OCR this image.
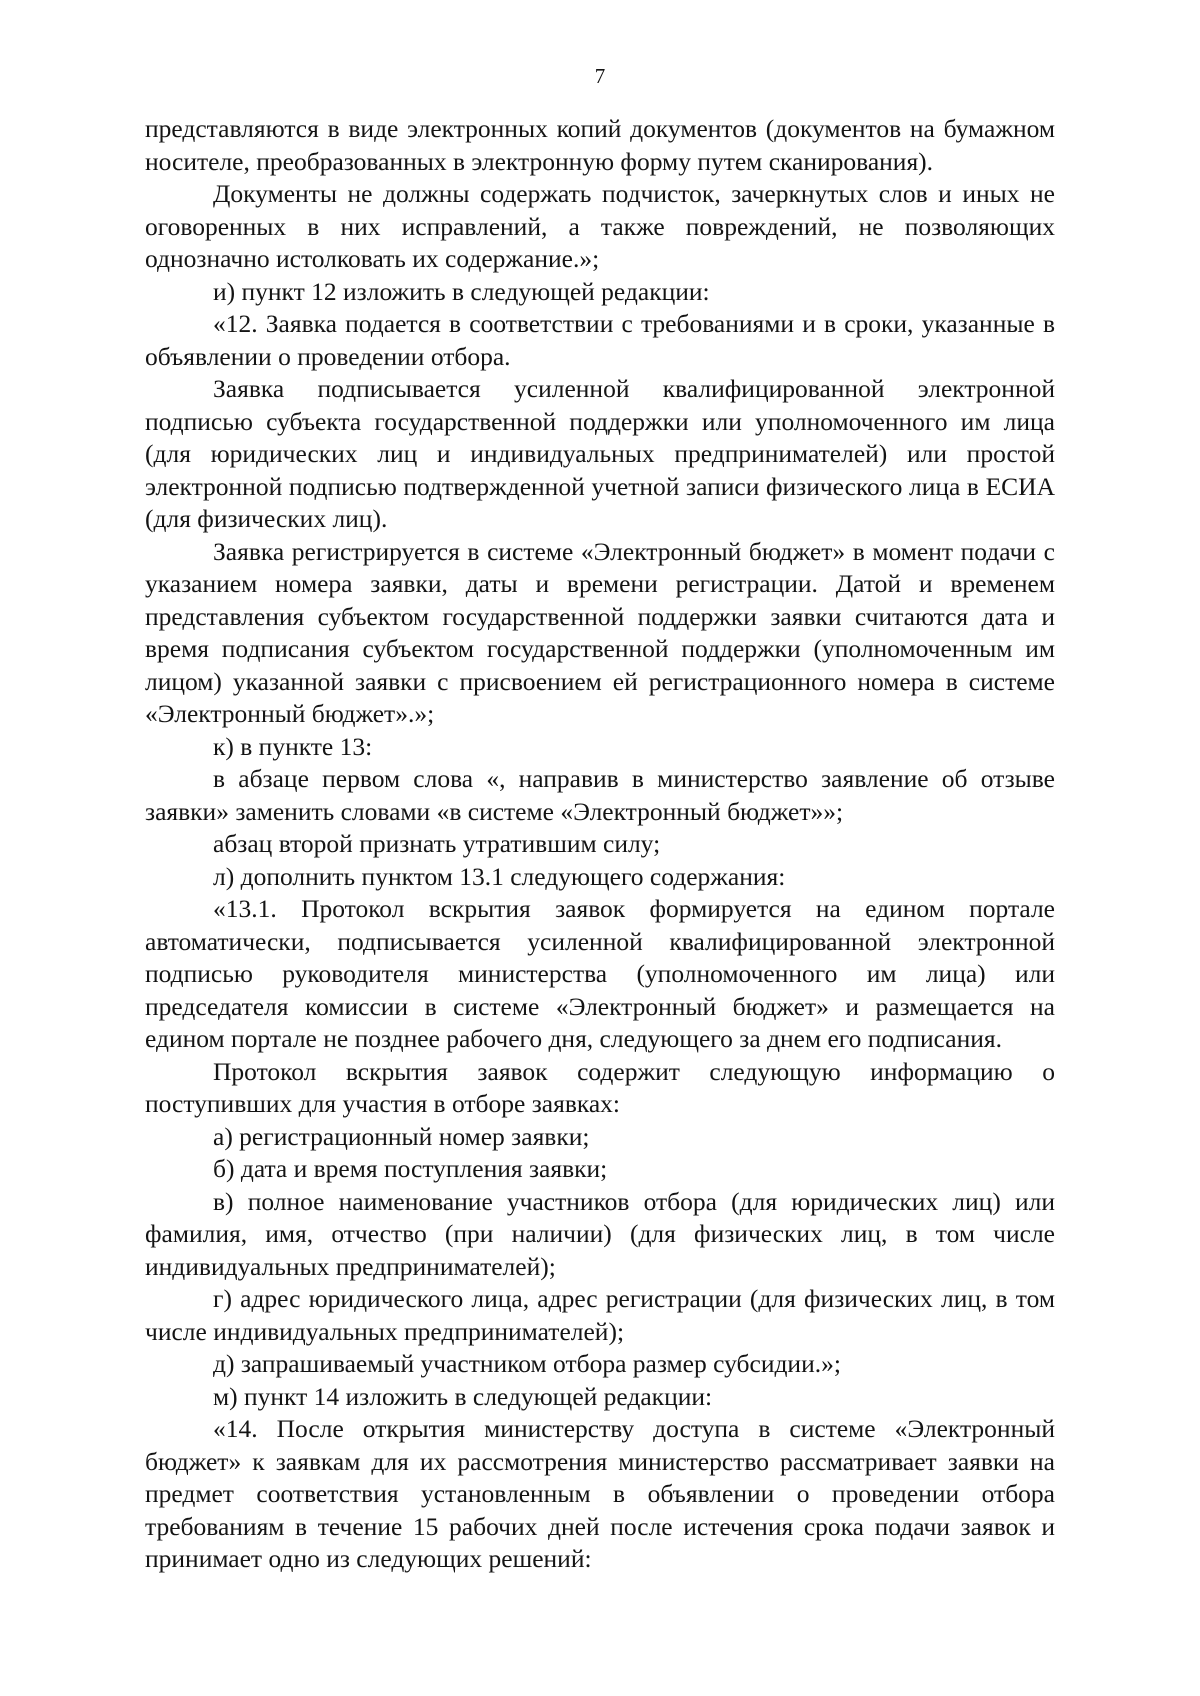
7

представляются в виде электронных копий документов (документов на бумажном носителе, преобразованных в электронную форму путем сканирования).

Документы не должны содержать подчисток, зачеркнутых слов и иных не оговоренных в них исправлений, а также повреждений, не позволяющих однозначно истолковать их содержание.»;

и) пункт 12 изложить в следующей редакции:

«12. Заявка подается в соответствии с требованиями и в сроки, указанные в объявлении о проведении отбора.

Заявка подписывается усиленной квалифицированной электронной подписью субъекта государственной поддержки или уполномоченного им лица (для юридических лиц и индивидуальных предпринимателей) или простой электронной подписью подтвержденной учетной записи физического лица в ЕСИА (для физических лиц).

Заявка регистрируется в системе «Электронный бюджет» в момент подачи с указанием номера заявки, даты и времени регистрации. Датой и временем представления субъектом государственной поддержки заявки считаются дата и время подписания субъектом государственной поддержки (уполномоченным им лицом) указанной заявки с присвоением ей регистрационного номера в системе «Электронный бюджет».»;

к) в пункте 13:

в абзаце первом слова «, направив в министерство заявление об отзыве заявки» заменить словами «в системе «Электронный бюджет»»;

абзац второй признать утратившим силу;

л) дополнить пунктом 13.1 следующего содержания:

«13.1. Протокол вскрытия заявок формируется на едином портале автоматически, подписывается усиленной квалифицированной электронной подписью руководителя министерства (уполномоченного им лица) или председателя комиссии в системе «Электронный бюджет» и размещается на едином портале не позднее рабочего дня, следующего за днем его подписания.

Протокол вскрытия заявок содержит следующую информацию о поступивших для участия в отборе заявках:

а) регистрационный номер заявки;

б) дата и время поступления заявки;

в) полное наименование участников отбора (для юридических лиц) или фамилия, имя, отчество (при наличии) (для физических лиц, в том числе индивидуальных предпринимателей);

г) адрес юридического лица, адрес регистрации (для физических лиц, в том числе индивидуальных предпринимателей);

д) запрашиваемый участником отбора размер субсидии.»;

м) пункт 14 изложить в следующей редакции:

«14. После открытия министерству доступа в системе «Электронный бюджет» к заявкам для их рассмотрения министерство рассматривает заявки на предмет соответствия установленным в объявлении о проведении отбора требованиям в течение 15 рабочих дней после истечения срока подачи заявок и принимает одно из следующих решений:
